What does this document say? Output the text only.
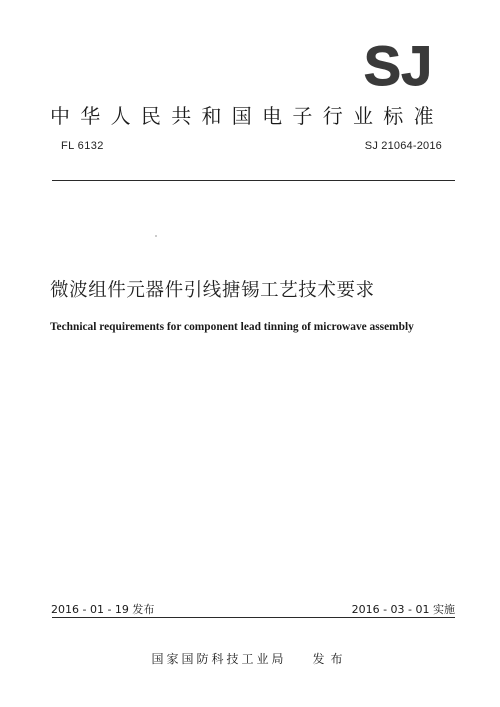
SJ
中华人民共和国电子行业标准
FL 6132	SJ 21064-2016
微波组件元器件引线搪锡工艺技术要求
Technical requirements for component lead tinning of microwave assembly
2016 - 01 - 19 发布	2016 - 03 - 01 实施
国家国防科技工业局 发布
